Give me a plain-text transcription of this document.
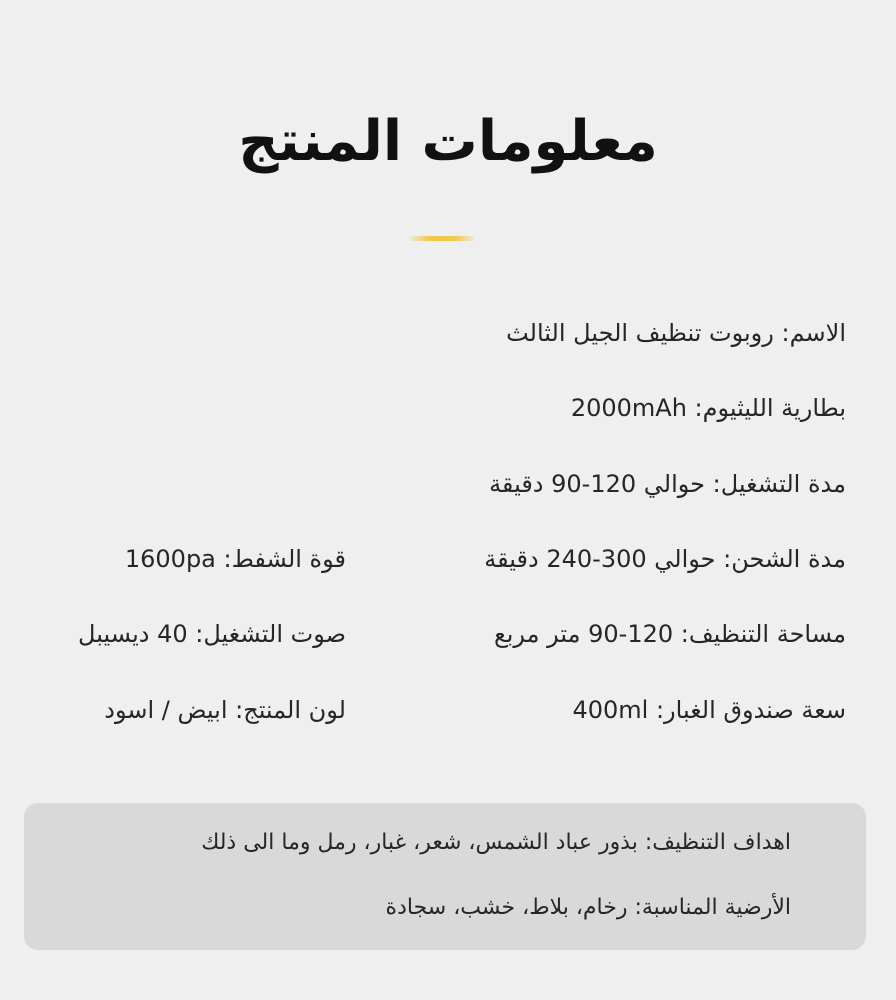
معلومات المنتج
الاسم: روبوت تنظيف الجيل الثالث
بطارية الليثيوم: 2000mAh
مدة التشغيل: حوالي 120-90 دقيقة
مدة الشحن: حوالي 300-240 دقيقة
مساحة التنظيف: 120-90 متر مربع
سعة صندوق الغبار: 400ml
قوة الشفط: 1600pa
صوت التشغيل: 40 ديسيبل
لون المنتج: ابيض / اسود
اهداف التنظيف: بذور عباد الشمس، شعر، غبار، رمل وما الى ذلك
الأرضية المناسبة: رخام، بلاط، خشب، سجادة
